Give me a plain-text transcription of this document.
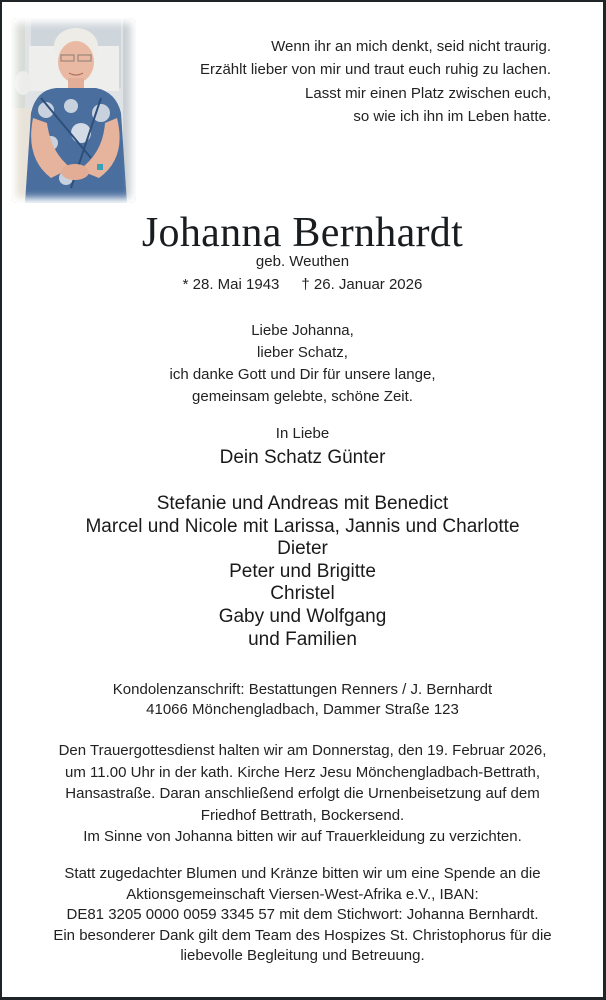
Wenn ihr an mich denkt, seid nicht traurig.
Erzählt lieber von mir und traut euch ruhig zu lachen.
Lasst mir einen Platz zwischen euch,
so wie ich ihn im Leben hatte.
Johanna Bernhardt
geb. Weuthen
* 28. Mai 1943 † 26. Januar 2026
Liebe Johanna,
lieber Schatz,
ich danke Gott und Dir für unsere lange,
gemeinsam gelebte, schöne Zeit.
In Liebe
Dein Schatz Günter
Stefanie und Andreas mit Benedict
Marcel und Nicole mit Larissa, Jannis und Charlotte
Dieter
Peter und Brigitte
Christel
Gaby und Wolfgang
und Familien
Kondolenzanschrift: Bestattungen Renners / J. Bernhardt
41066 Mönchengladbach, Dammer Straße 123
Den Trauergottesdienst halten wir am Donnerstag, den 19. Februar 2026,
um 11.00 Uhr in der kath. Kirche Herz Jesu Mönchengladbach-Bettrath,
Hansastraße. Daran anschließend erfolgt die Urnenbeisetzung auf dem
Friedhof Bettrath, Bockersend.
Im Sinne von Johanna bitten wir auf Trauerkleidung zu verzichten.
Statt zugedachter Blumen und Kränze bitten wir um eine Spende an die
Aktionsgemeinschaft Viersen-West-Afrika e.V., IBAN:
DE81 3205 0000 0059 3345 57 mit dem Stichwort: Johanna Bernhardt.
Ein besonderer Dank gilt dem Team des Hospizes St. Christophorus für die
liebevolle Begleitung und Betreuung.
